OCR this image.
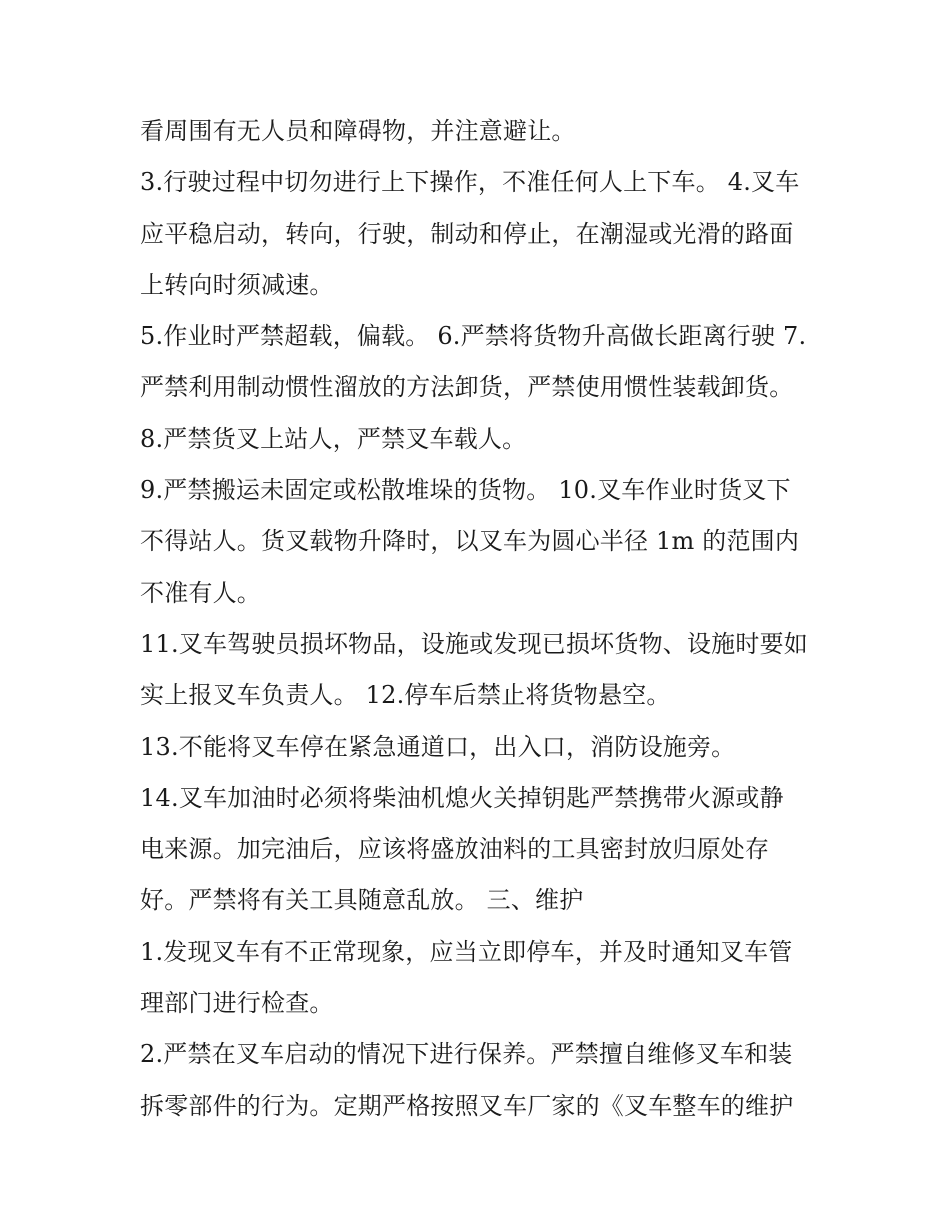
看周围有无人员和障碍物，并注意避让。
3.行驶过程中切勿进行上下操作，不准任何人上下车。 4.叉车
应平稳启动，转向，行驶，制动和停止，在潮湿或光滑的路面
上转向时须减速。
5.作业时严禁超载，偏载。 6.严禁将货物升高做长距离行驶 7.
严禁利用制动惯性溜放的方法卸货，严禁使用惯性装载卸货。
8.严禁货叉上站人，严禁叉车载人。
9.严禁搬运未固定或松散堆垛的货物。 10.叉车作业时货叉下
不得站人。货叉载物升降时，以叉车为圆心半径 1m 的范围内
不准有人。
11.叉车驾驶员损坏物品，设施或发现已损坏货物、设施时要如
实上报叉车负责人。 12.停车后禁止将货物悬空。
13.不能将叉车停在紧急通道口，出入口，消防设施旁。
14.叉车加油时必须将柴油机熄火关掉钥匙严禁携带火源或静
电来源。加完油后，应该将盛放油料的工具密封放归原处存
好。严禁将有关工具随意乱放。 三、维护
1.发现叉车有不正常现象，应当立即停车，并及时通知叉车管
理部门进行检查。
2.严禁在叉车启动的情况下进行保养。严禁擅自维修叉车和装
拆零部件的行为。定期严格按照叉车厂家的《叉车整车的维护
